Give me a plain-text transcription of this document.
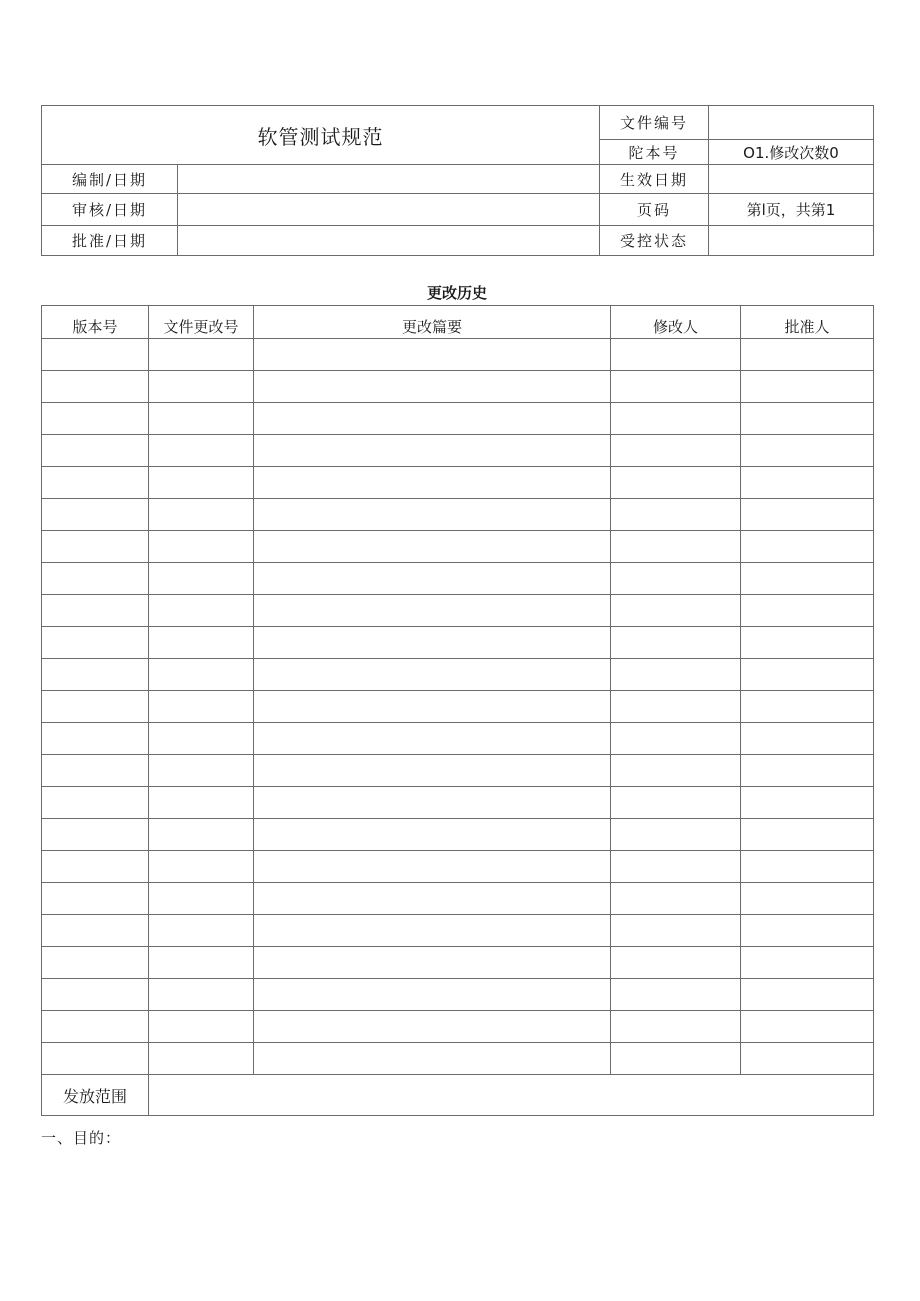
软管测试规范		文件编号	
		陀本号	O1.修改次数0
编制/日期		生效日期	
审核/日期		页码	第l页，共第1
批准/日期		受控状态	
更改历史
版本号	文件更改号	更改篇要	修改人	批准人

发放范围				
一、目的：
